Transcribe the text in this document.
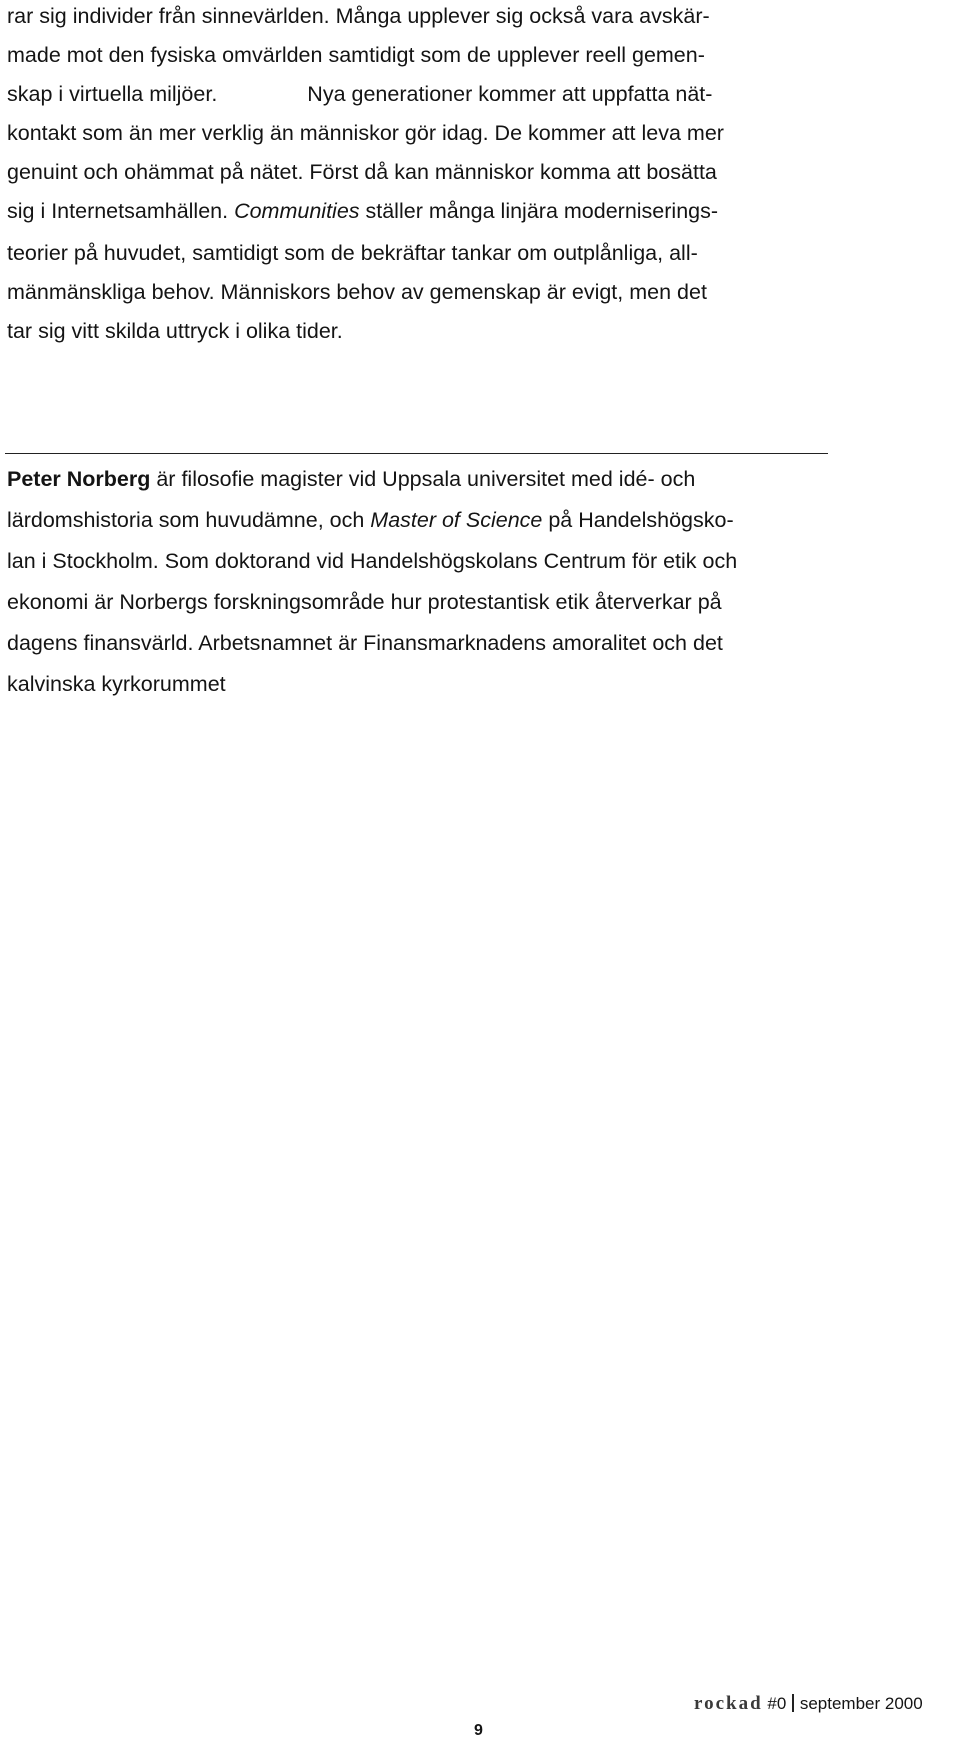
rar sig individer från sinnevärlden. Många upplever sig också vara avskär-
made mot den fysiska omvärlden samtidigt som de upplever reell gemen-
skap i virtuella miljöer.	Nya generationer kommer att uppfatta nät-
kontakt som än mer verklig än människor gör idag. De kommer att leva mer
genuint och ohämmat på nätet. Först då kan människor komma att bosätta
sig i Internetsamhällen. Communities ställer många linjära moderniserings-
teorier på huvudet, samtidigt som de bekräftar tankar om outplånliga, all-
mänmänskliga behov. Människors behov av gemenskap är evigt, men det
tar sig vitt skilda uttryck i olika tider.
Peter Norberg är filosofie magister vid Uppsala universitet med idé- och
lärdomshistoria som huvudämne, och Master of Science på Handelshögsko-
lan i Stockholm. Som doktorand vid Handelshögskolans Centrum för etik och
ekonomi är Norbergs forskningsområde hur protestantisk etik återverkar på
dagens finansvärld. Arbetsnamnet är Finansmarknadens amoralitet och det
kalvinska kyrkorummet
rockad #0 september 2000
9
